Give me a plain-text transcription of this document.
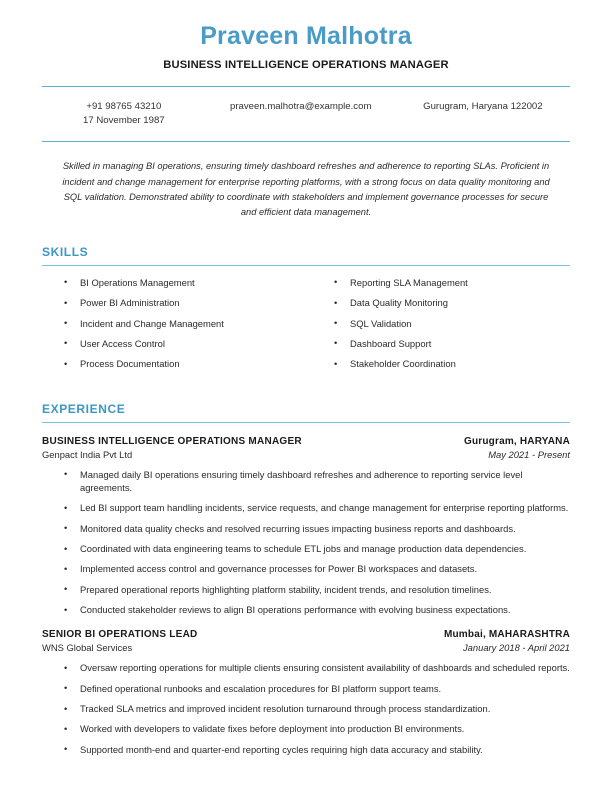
Praveen Malhotra
BUSINESS INTELLIGENCE OPERATIONS MANAGER
+91 98765 43210
17 November 1987
praveen.malhotra@example.com	Gurugram, Haryana 122002
Skilled in managing BI operations, ensuring timely dashboard refreshes and adherence to reporting SLAs. Proficient in incident and change management for enterprise reporting platforms, with a strong focus on data quality monitoring and SQL validation. Demonstrated ability to coordinate with stakeholders and implement governance processes for secure and efficient data management.
SKILLS
• BI Operations Management
• Power BI Administration
• Incident and Change Management
• User Access Control
• Process Documentation
• Reporting SLA Management
• Data Quality Monitoring
• SQL Validation
• Dashboard Support
• Stakeholder Coordination
EXPERIENCE
BUSINESS INTELLIGENCE OPERATIONS MANAGER	Gurugram, HARYANA
Genpact India Pvt Ltd	May 2021 - Present
• Managed daily BI operations ensuring timely dashboard refreshes and adherence to reporting service level agreements.
• Led BI support team handling incidents, service requests, and change management for enterprise reporting platforms.
• Monitored data quality checks and resolved recurring issues impacting business reports and dashboards.
• Coordinated with data engineering teams to schedule ETL jobs and manage production data dependencies.
• Implemented access control and governance processes for Power BI workspaces and datasets.
• Prepared operational reports highlighting platform stability, incident trends, and resolution timelines.
• Conducted stakeholder reviews to align BI operations performance with evolving business expectations.
SENIOR BI OPERATIONS LEAD	Mumbai, MAHARASHTRA
WNS Global Services	January 2018 - April 2021
• Oversaw reporting operations for multiple clients ensuring consistent availability of dashboards and scheduled reports.
• Defined operational runbooks and escalation procedures for BI platform support teams.
• Tracked SLA metrics and improved incident resolution turnaround through process standardization.
• Worked with developers to validate fixes before deployment into production BI environments.
• Supported month-end and quarter-end reporting cycles requiring high data accuracy and stability.
